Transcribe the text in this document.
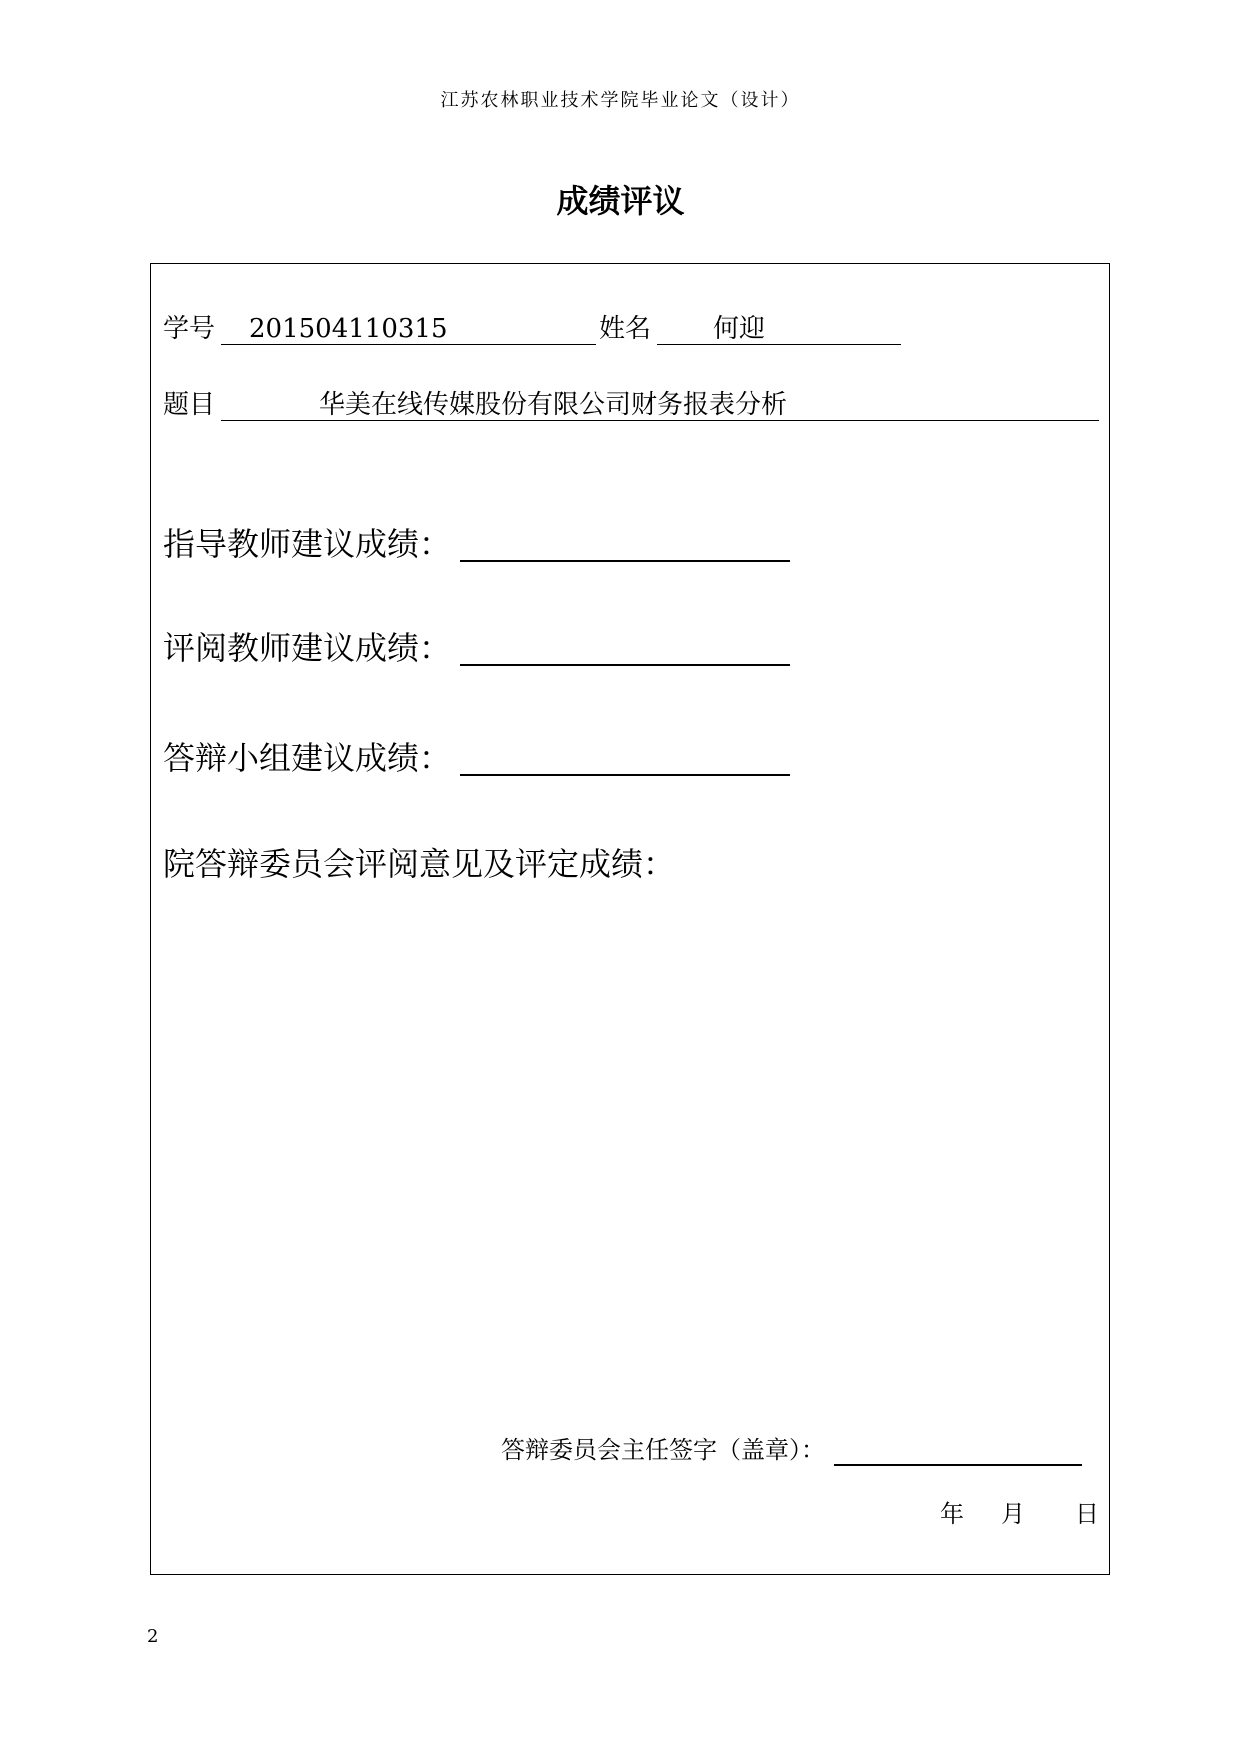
江苏农林职业技术学院毕业论文（设计）
成绩评议
学号 201504110315	姓名 何迎
题目	华美在线传媒股份有限公司财务报表分析
指导教师建议成绩：
评阅教师建议成绩：
答辩小组建议成绩：
院答辩委员会评阅意见及评定成绩：
答辩委员会主任签字（盖章）：
年 月 日
2
